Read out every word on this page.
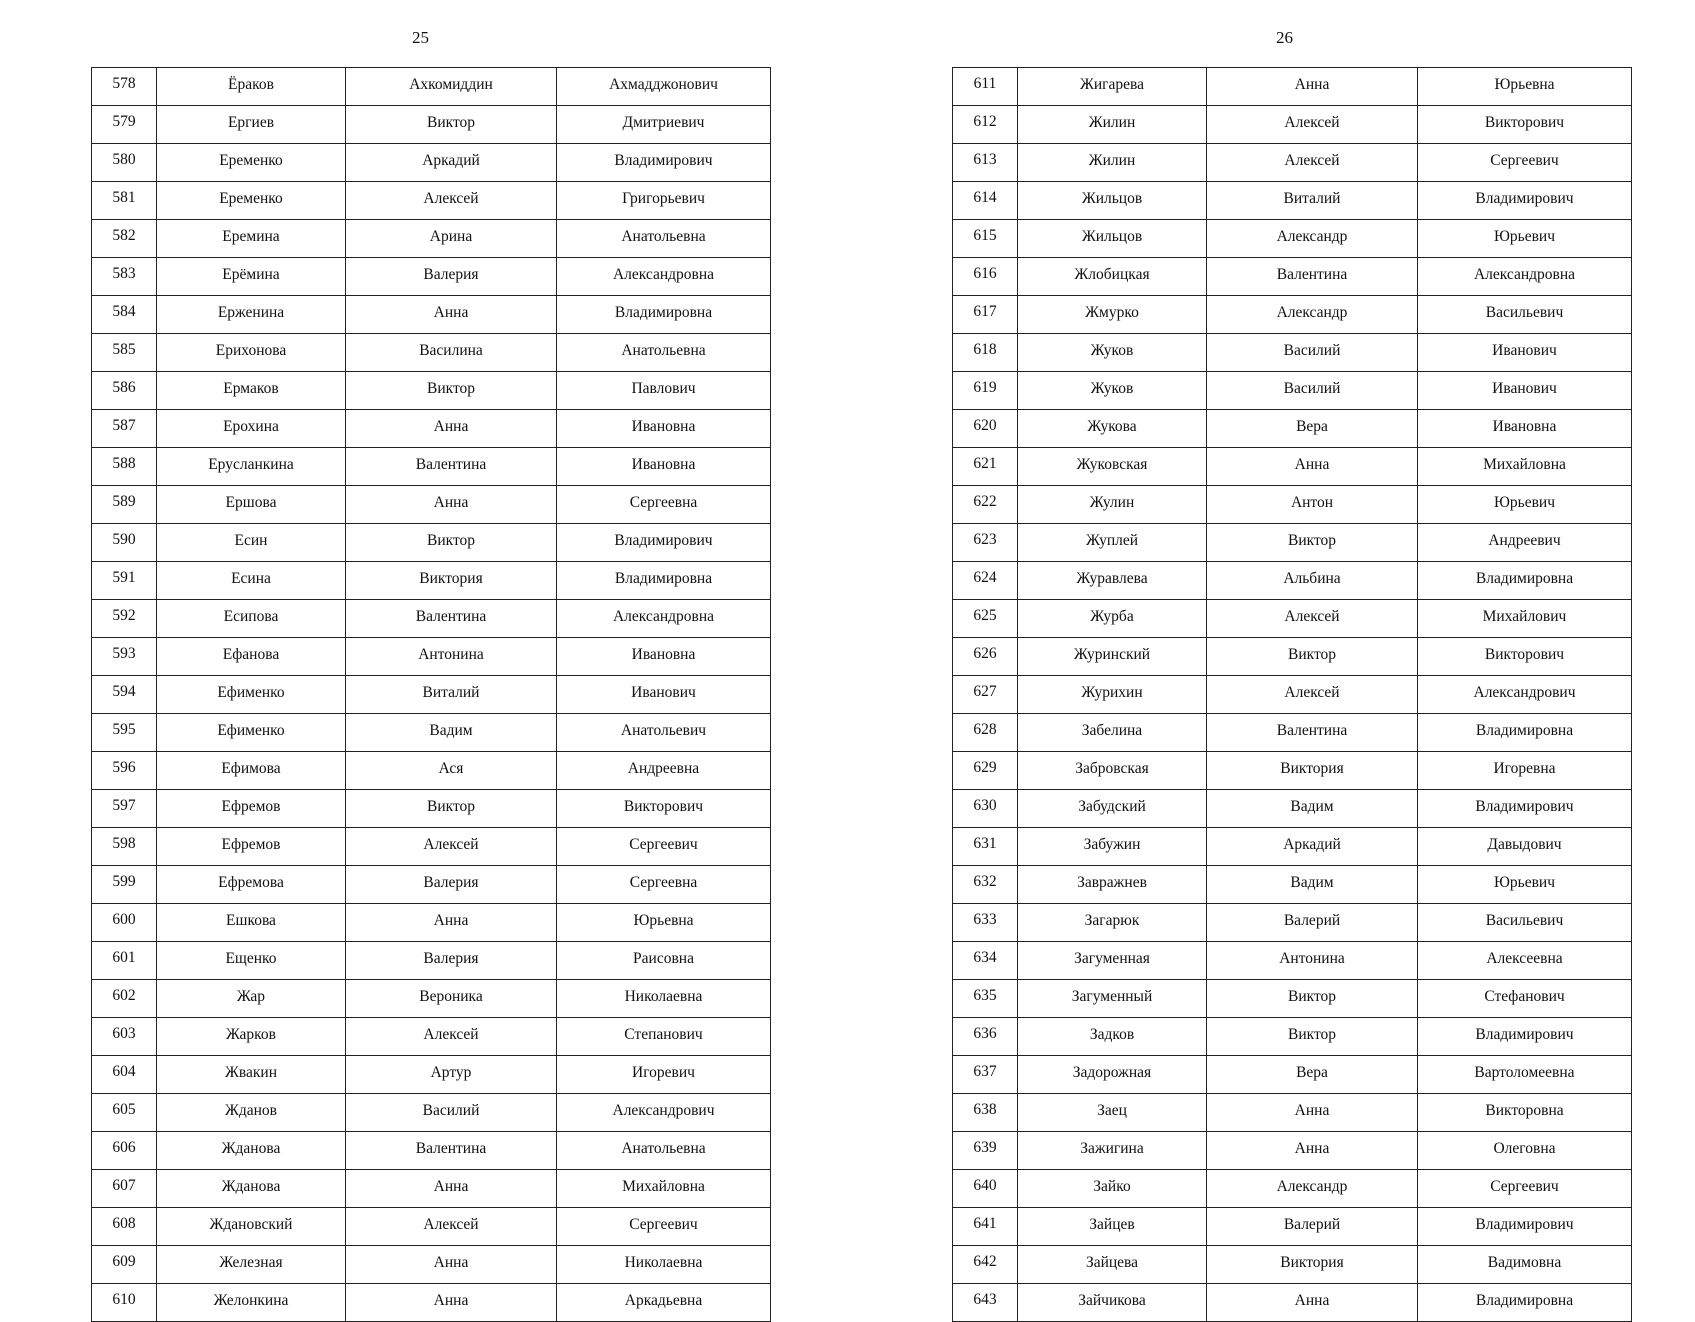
25	26
578	Ёраков	Ахкомиддин	Ахмадджонович
579	Ергиев	Виктор	Дмитриевич
580	Еременко	Аркадий	Владимирович
581	Еременко	Алексей	Григорьевич
582	Еремина	Арина	Анатольевна
583	Ерёмина	Валерия	Александровна
584	Ерженина	Анна	Владимировна
585	Ерихонова	Василина	Анатольевна
586	Ермаков	Виктор	Павлович
587	Ерохина	Анна	Ивановна
588	Ерусланкина	Валентина	Ивановна
589	Ершова	Анна	Сергеевна
590	Есин	Виктор	Владимирович
591	Есина	Виктория	Владимировна
592	Есипова	Валентина	Александровна
593	Ефанова	Антонина	Ивановна
594	Ефименко	Виталий	Иванович
595	Ефименко	Вадим	Анатольевич
596	Ефимова	Ася	Андреевна
597	Ефремов	Виктор	Викторович
598	Ефремов	Алексей	Сергеевич
599	Ефремова	Валерия	Сергеевна
600	Ешкова	Анна	Юрьевна
601	Ещенко	Валерия	Раисовна
602	Жар	Вероника	Николаевна
603	Жарков	Алексей	Степанович
604	Жвакин	Артур	Игоревич
605	Жданов	Василий	Александрович
606	Жданова	Валентина	Анатольевна
607	Жданова	Анна	Михайловна
608	Ждановский	Алексей	Сергеевич
609	Железная	Анна	Николаевна
610	Желонкина	Анна	Аркадьевна
611	Жигарева	Анна	Юрьевна
612	Жилин	Алексей	Викторович
613	Жилин	Алексей	Сергеевич
614	Жильцов	Виталий	Владимирович
615	Жильцов	Александр	Юрьевич
616	Жлобицкая	Валентина	Александровна
617	Жмурко	Александр	Васильевич
618	Жуков	Василий	Иванович
619	Жуков	Василий	Иванович
620	Жукова	Вера	Ивановна
621	Жуковская	Анна	Михайловна
622	Жулин	Антон	Юрьевич
623	Жуплей	Виктор	Андреевич
624	Журавлева	Альбина	Владимировна
625	Журба	Алексей	Михайлович
626	Журинский	Виктор	Викторович
627	Журихин	Алексей	Александрович
628	Забелина	Валентина	Владимировна
629	Забровская	Виктория	Игоревна
630	Забудский	Вадим	Владимирович
631	Забужин	Аркадий	Давыдович
632	Завражнев	Вадим	Юрьевич
633	Загарюк	Валерий	Васильевич
634	Загуменная	Антонина	Алексеевна
635	Загуменный	Виктор	Стефанович
636	Задков	Виктор	Владимирович
637	Задорожная	Вера	Вартоломеевна
638	Заец	Анна	Викторовна
639	Зажигина	Анна	Олеговна
640	Зайко	Александр	Сергеевич
641	Зайцев	Валерий	Владимирович
642	Зайцева	Виктория	Вадимовна
643	Зайчикова	Анна	Владимировна
